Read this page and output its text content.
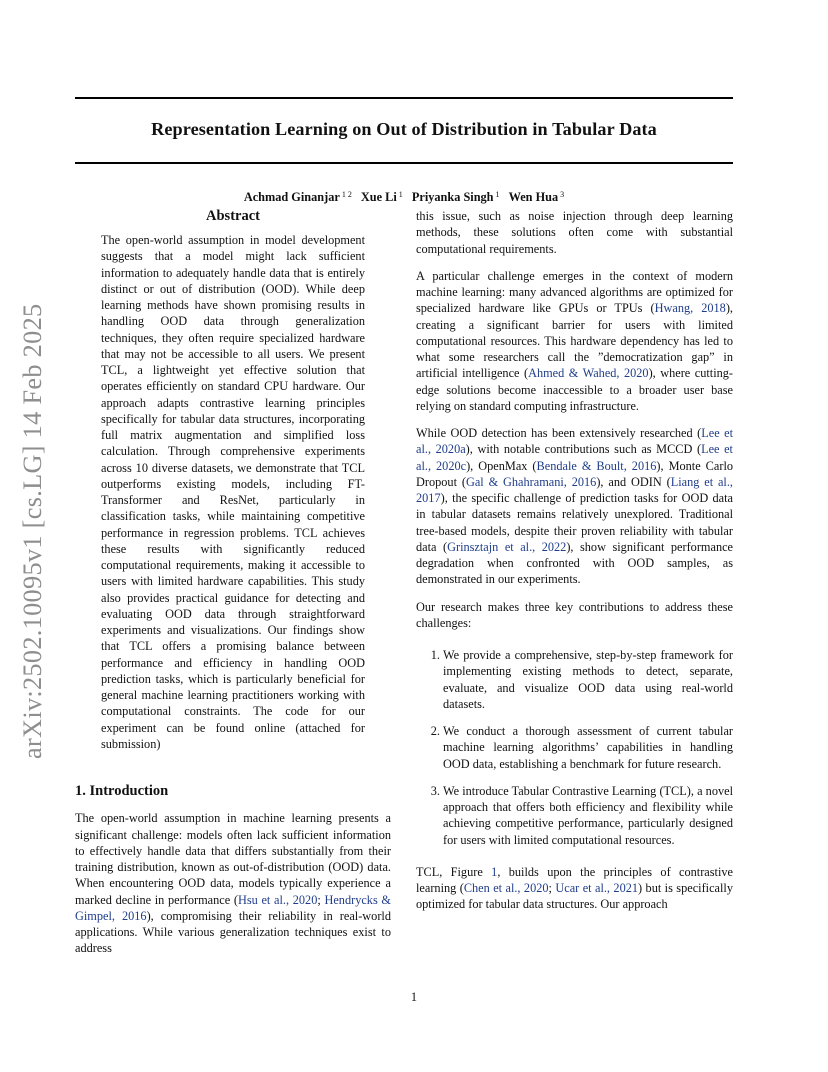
Representation Learning on Out of Distribution in Tabular Data
Achmad Ginanjar $^{1 2}$ Xue Li $^1$ Priyanka Singh $^1$ Wen Hua $^3$
arXiv:2502.10095v1 [cs.LG] 14 Feb 2025
Abstract

The open-world assumption in model development suggests that a model might lack sufficient information to adequately handle data that is entirely distinct or out of distribution (OOD). While deep learning methods have shown promising results in handling OOD data through generalization techniques, they often require specialized hardware that may not be accessible to all users. We present TCL, a lightweight yet effective solution that operates efficiently on standard CPU hardware. Our approach adapts contrastive learning principles specifically for tabular data structures, incorporating full matrix augmentation and simplified loss calculation. Through comprehensive experiments across 10 diverse datasets, we demonstrate that TCL outperforms existing models, including FT-Transformer and ResNet, particularly in classification tasks, while maintaining competitive performance in regression problems. TCL achieves these results with significantly reduced computational requirements, making it accessible to users with limited hardware capabilities. This study also provides practical guidance for detecting and evaluating OOD data through straightforward experiments and visualizations. Our findings show that TCL offers a promising balance between performance and efficiency in handling OOD prediction tasks, which is particularly beneficial for general machine learning practitioners working with computational constraints. The code for our experiment can be found online (attached for submission)

1. Introduction

The open-world assumption in machine learning presents a significant challenge: models often lack sufficient information to effectively handle data that differs substantially from their training distribution, known as out-of-distribution (OOD) data. When encountering OOD data, models typically experience a marked decline in performance (Hsu et al., 2020; Hendrycks & Gimpel, 2016), compromising their reliability in real-world applications. While various generalization techniques exist to address

this issue, such as noise injection through deep learning methods, these solutions often come with substantial computational requirements.

A particular challenge emerges in the context of modern machine learning: many advanced algorithms are optimized for specialized hardware like GPUs or TPUs (Hwang, 2018), creating a significant barrier for users with limited computational resources. This hardware dependency has led to what some researchers call the ”democratization gap” in artificial intelligence (Ahmed & Wahed, 2020), where cutting-edge solutions become inaccessible to a broader user base relying on standard computing infrastructure.

While OOD detection has been extensively researched (Lee et al., 2020a), with notable contributions such as MCCD (Lee et al., 2020c), OpenMax (Bendale & Boult, 2016), Monte Carlo Dropout (Gal & Ghahramani, 2016), and ODIN (Liang et al., 2017), the specific challenge of prediction tasks for OOD data in tabular datasets remains relatively unexplored. Traditional tree-based models, despite their proven reliability with tabular data (Grinsztajn et al., 2022), show significant performance degradation when confronted with OOD samples, as demonstrated in our experiments.

Our research makes three key contributions to address these challenges:

1. We provide a comprehensive, step-by-step framework for implementing existing methods to detect, separate, evaluate, and visualize OOD data using real-world datasets.
2. We conduct a thorough assessment of current tabular machine learning algorithms’ capabilities in handling OOD data, establishing a benchmark for future research.
3. We introduce Tabular Contrastive Learning (TCL), a novel approach that offers both efficiency and flexibility while achieving competitive performance, particularly designed for users with limited computational resources.

TCL, Figure 1, builds upon the principles of contrastive learning (Chen et al., 2020; Ucar et al., 2021) but is specifically optimized for tabular data structures. Our approach

1
